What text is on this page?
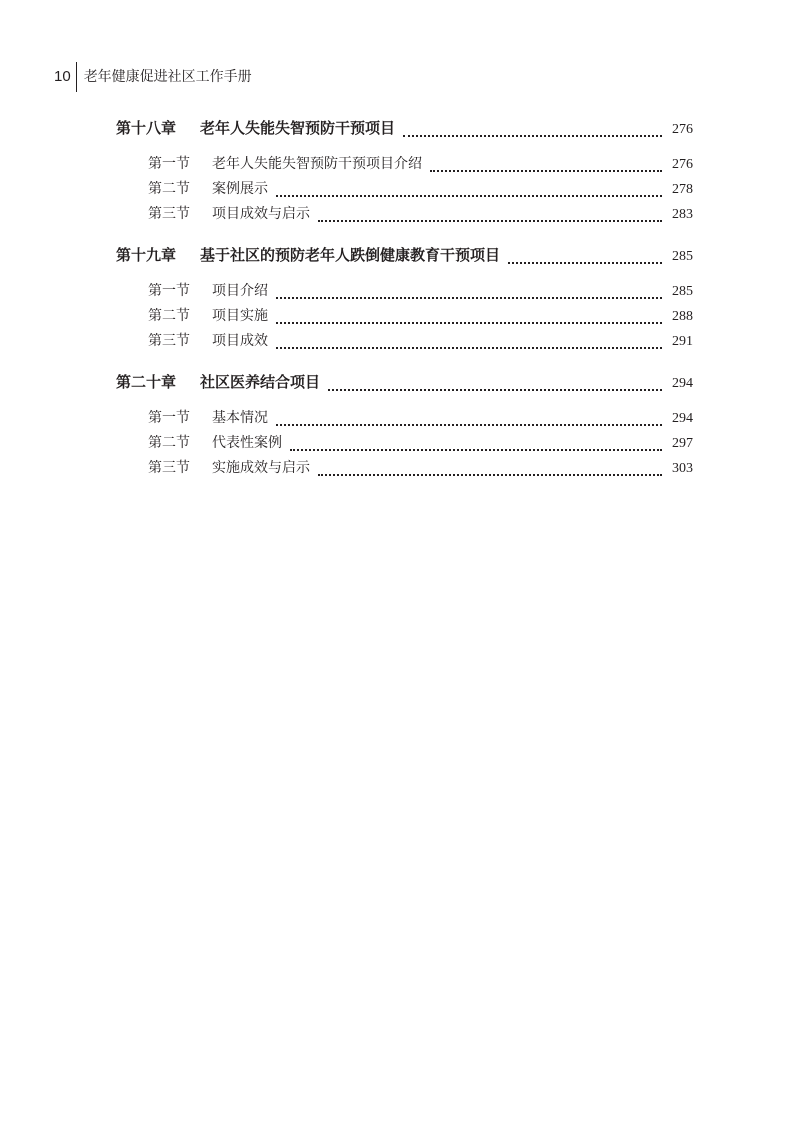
10 老年健康促进社区工作手册
第十八章	老年人失能失智预防干预项目	276
第一节	老年人失能失智预防干预项目介绍	276
第二节	案例展示	278
第三节	项目成效与启示	283
第十九章	基于社区的预防老年人跌倒健康教育干预项目	285
第一节	项目介绍	285
第二节	项目实施	288
第三节	项目成效	291
第二十章	社区医养结合项目	294
第一节	基本情况	294
第二节	代表性案例	297
第三节	实施成效与启示	303
